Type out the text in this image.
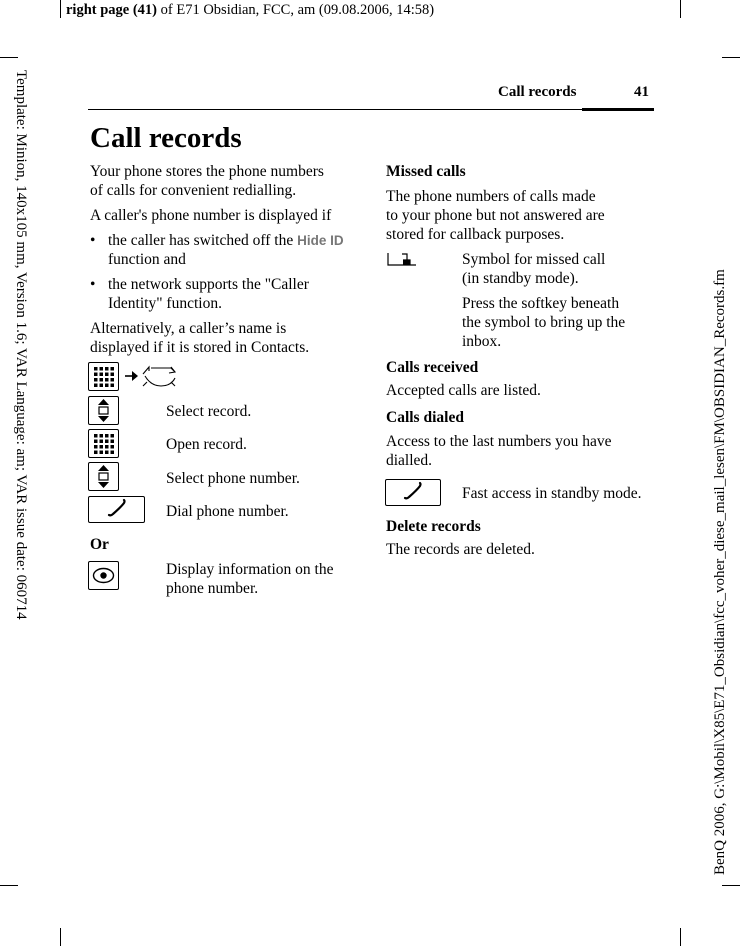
right page (41) of E71 Obsidian, FCC, am (09.08.2006, 14:58)
Template: Minion, 140x105 mm, Version 1.6; VAR Language: am; VAR issue date: 060714	BenQ 2006, G:\Mobil\X85\E71_Obsidian\fcc_voher_diese_mail_lesen\FM\OBSIDIAN_Records.fm
Call records	41
Call records
Your phone stores the phone numbers
of calls for convenient redialling.
A caller's phone number is displayed if
• the caller has switched off the Hide ID
function and
• the network supports the "Caller
Identity" function.
Alternatively, a caller’s name is
displayed if it is stored in Contacts.
Select record.
Open record.
Select phone number.
Dial phone number.
Or
Display information on the
phone number.
Missed calls
The phone numbers of calls made
to your phone but not answered are
stored for callback purposes.
Symbol for missed call
(in standby mode).
Press the softkey beneath
the symbol to bring up the
inbox.
Calls received
Accepted calls are listed.
Calls dialed
Access to the last numbers you have
dialled.
Fast access in standby mode.
Delete records
The records are deleted.
